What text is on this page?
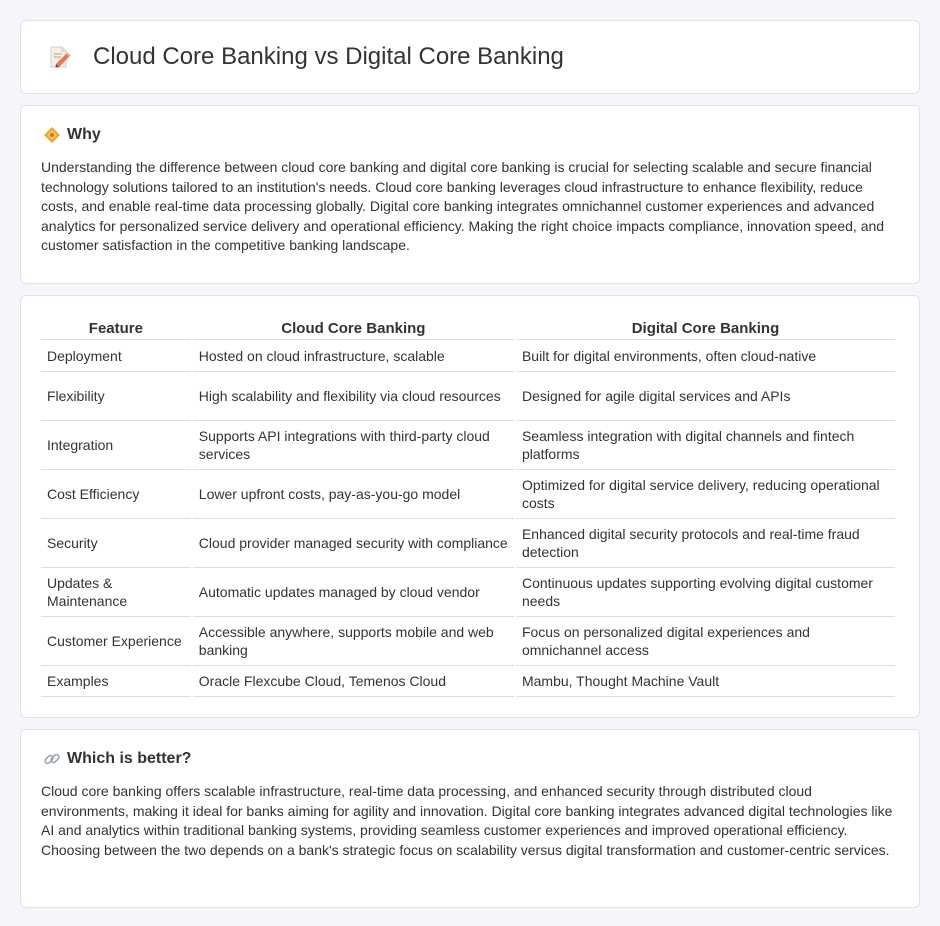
Cloud Core Banking vs Digital Core Banking
Why

Understanding the difference between cloud core banking and digital core banking is crucial for selecting scalable and secure financial technology solutions tailored to an institution's needs. Cloud core banking leverages cloud infrastructure to enhance flexibility, reduce costs, and enable real-time data processing globally. Digital core banking integrates omnichannel customer experiences and advanced analytics for personalized service delivery and operational efficiency. Making the right choice impacts compliance, innovation speed, and customer satisfaction in the competitive banking landscape.

Feature	Cloud Core Banking	Digital Core Banking
Deployment	Hosted on cloud infrastructure, scalable	Built for digital environments, often cloud-native
Flexibility	High scalability and flexibility via cloud resources	Designed for agile digital services and APIs
Integration	Supports API integrations with third-party cloud services	Seamless integration with digital channels and fintech platforms
Cost Efficiency	Lower upfront costs, pay-as-you-go model	Optimized for digital service delivery, reducing operational costs
Security	Cloud provider managed security with compliance	Enhanced digital security protocols and real-time fraud detection
Updates & Maintenance	Automatic updates managed by cloud vendor	Continuous updates supporting evolving digital customer needs
Customer Experience	Accessible anywhere, supports mobile and web banking	Focus on personalized digital experiences and omnichannel access
Examples	Oracle Flexcube Cloud, Temenos Cloud	Mambu, Thought Machine Vault
Which is better?

Cloud core banking offers scalable infrastructure, real-time data processing, and enhanced security through distributed cloud environments, making it ideal for banks aiming for agility and innovation. Digital core banking integrates advanced digital technologies like AI and analytics within traditional banking systems, providing seamless customer experiences and improved operational efficiency. Choosing between the two depends on a bank's strategic focus on scalability versus digital transformation and customer-centric services.
